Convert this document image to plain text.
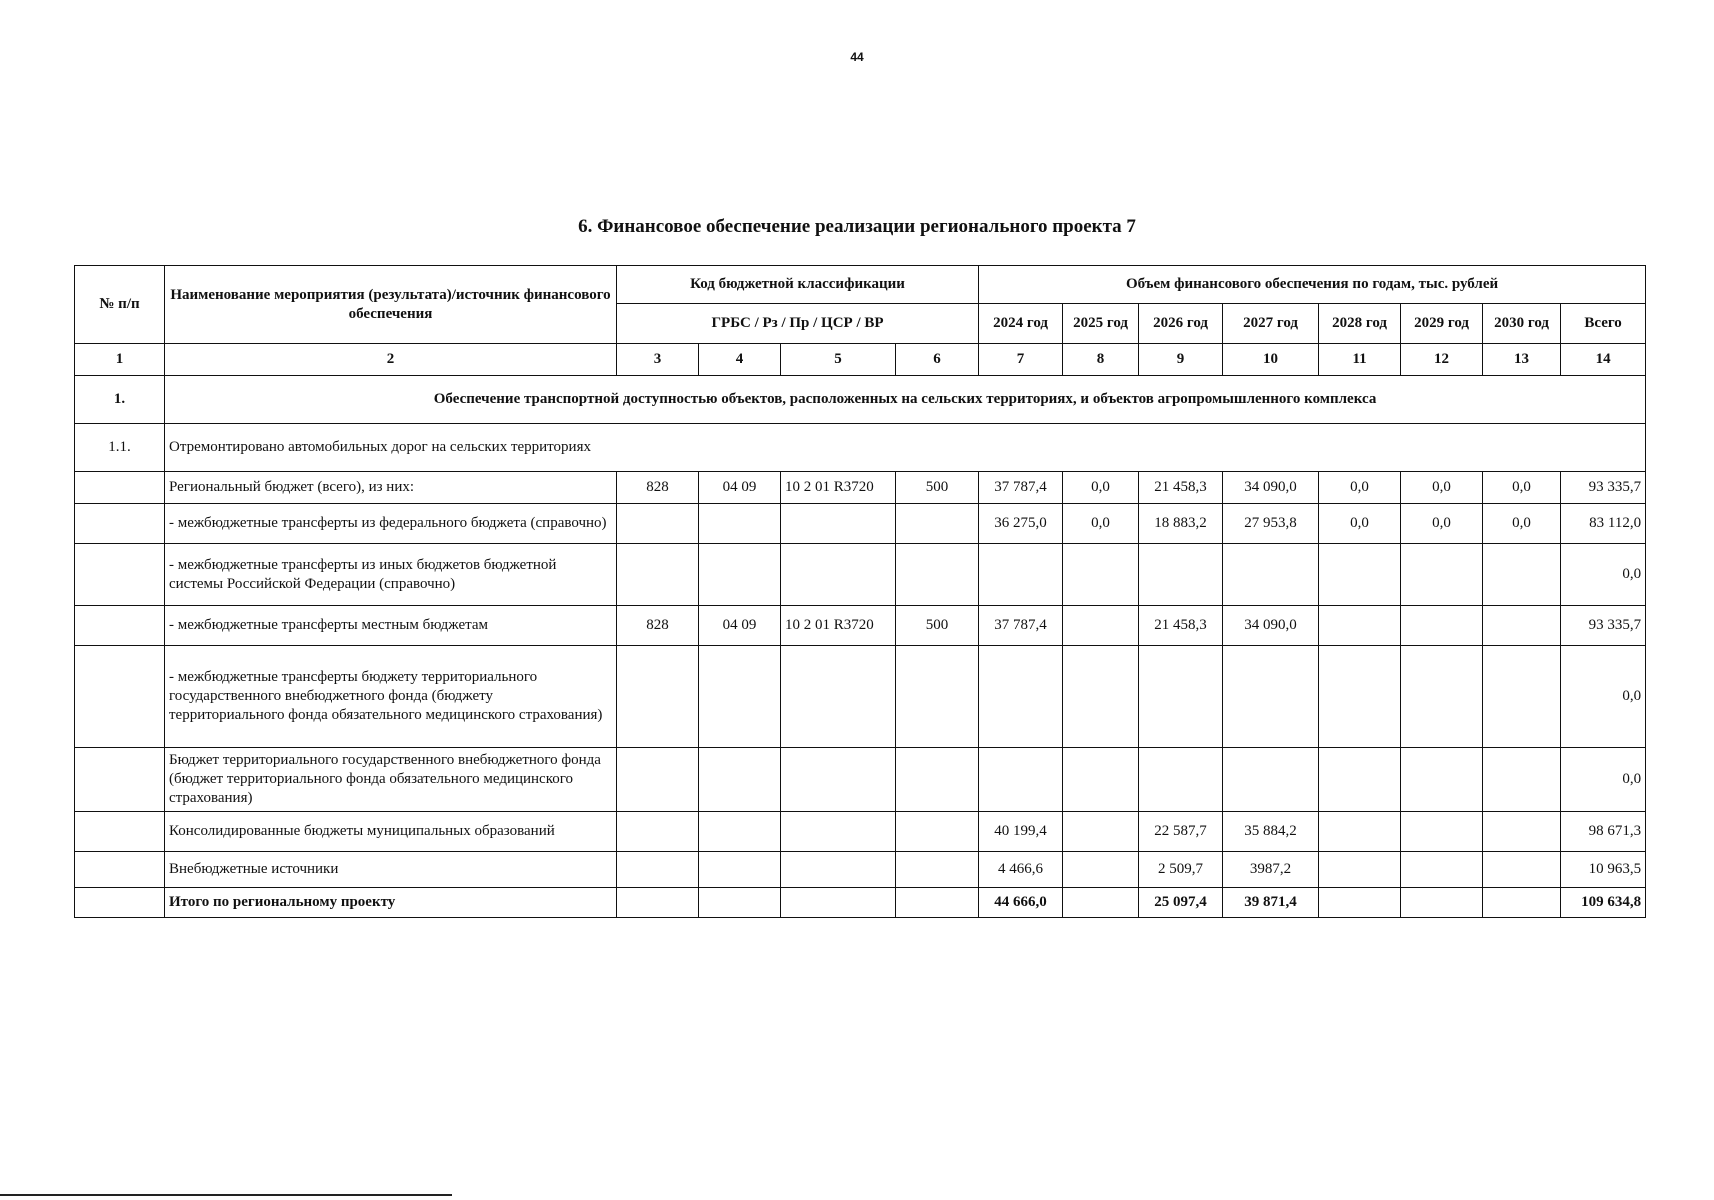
44
6. Финансовое обеспечение реализации регионального проекта 7
№ п/п	Наименование мероприятия (результата)/источник финансового обеспечения	Код бюджетной классификации				Объем финансового обеспечения по годам, тыс. рублей							
		ГРБС / Рз / Пр / ЦСР / ВР				2024 год	2025 год	2026 год	2027 год	2028 год	2029 год	2030 год	Всего
1	2	3	4	5	6	7	8	9	10	11	12	13	14
1.	Обеспечение транспортной доступностью объектов, расположенных на сельских территориях, и объектов агропромышленного комплекса												
1.1.	Отремонтировано автомобильных дорог на сельских территориях												
	Региональный бюджет (всего), из них:	828	04 09	10 2 01 R3720	500	37 787,4	0,0	21 458,3	34 090,0	0,0	0,0	0,0	93 335,7
	- межбюджетные трансферты из федерального бюджета (справочно)					36 275,0	0,0	18 883,2	27 953,8	0,0	0,0	0,0	83 112,0
	- межбюджетные трансферты из иных бюджетов бюджетной системы Российской Федерации (справочно)												0,0
	- межбюджетные трансферты местным бюджетам	828	04 09	10 2 01 R3720	500	37 787,4		21 458,3	34 090,0				93 335,7
	- межбюджетные трансферты бюджету территориального государственного внебюджетного фонда (бюджету территориального фонда обязательного медицинского страхования)												0,0
	Бюджет территориального государственного внебюджетного фонда (бюджет территориального фонда обязательного медицинского страхования)												0,0
	Консолидированные бюджеты муниципальных образований					40 199,4		22 587,7	35 884,2				98 671,3
	Внебюджетные источники					4 466,6		2 509,7	3987,2				10 963,5
	Итого по региональному проекту					44 666,0		25 097,4	39 871,4				109 634,8
